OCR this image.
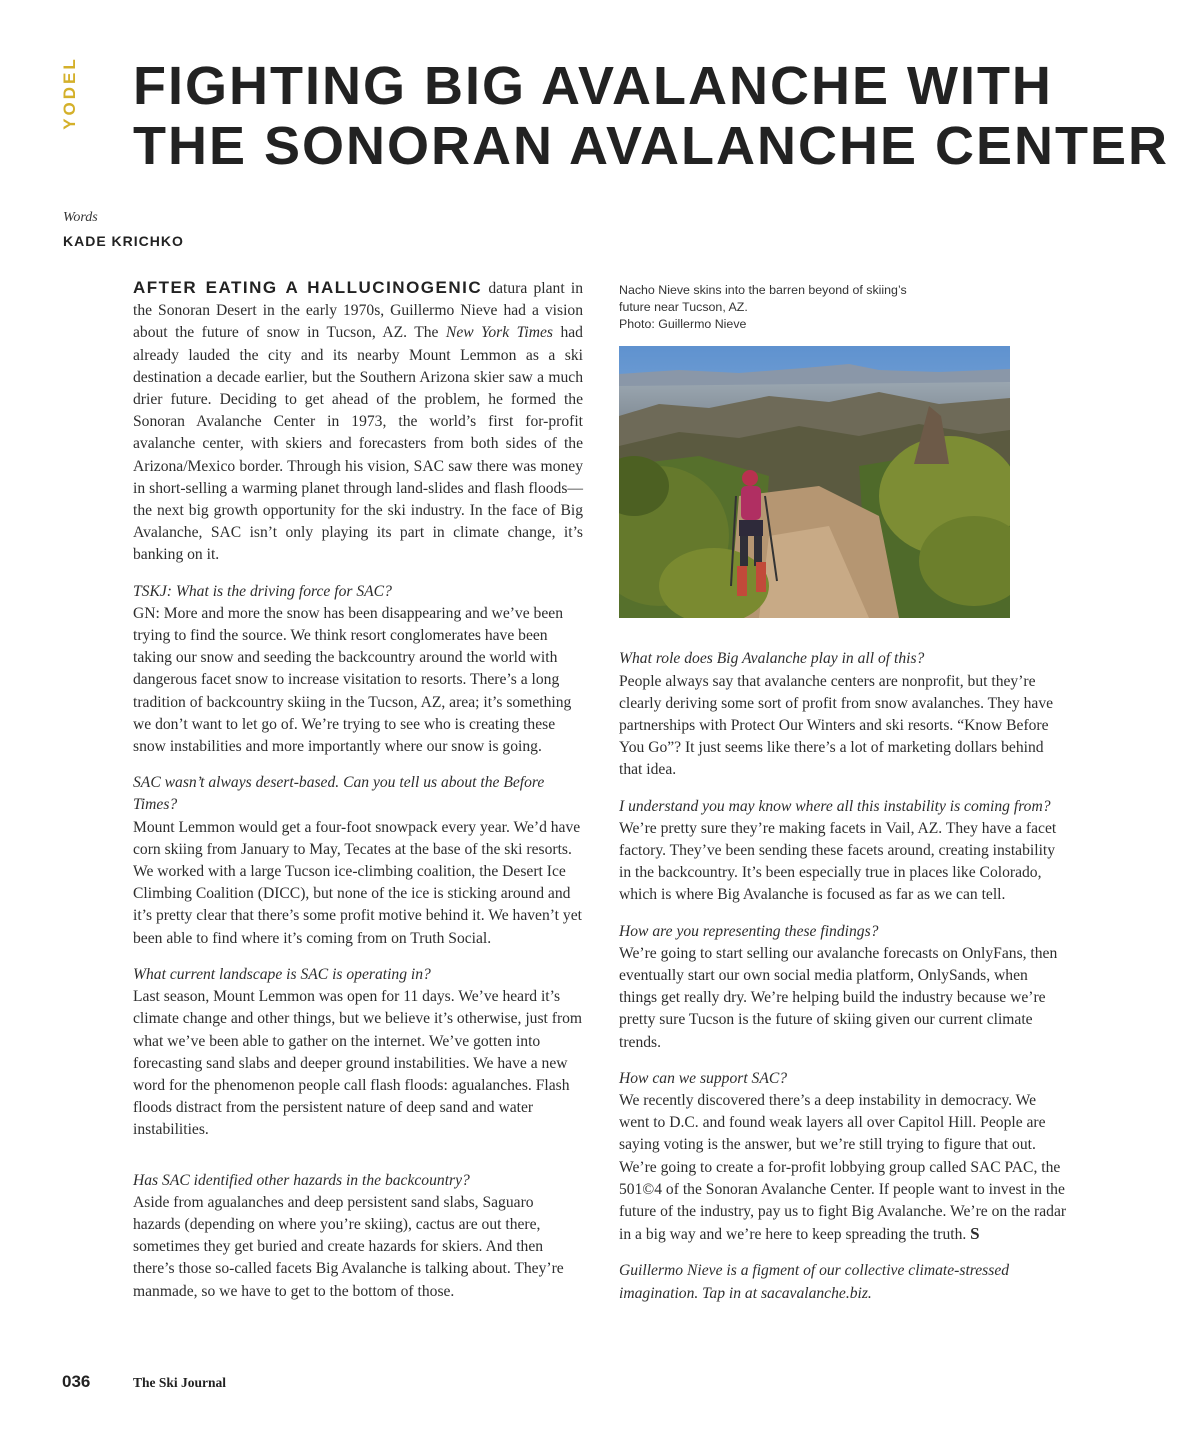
YODEL FIGHTING BIG AVALANCHE WITH
THE SONORAN AVALANCHE CENTER
Words
KADE KRICHKO

AFTER EATING A HALLUCINOGENIC datura plant in the Sonoran Desert in the early 1970s, Guillermo Nieve had a vision about the future of snow in Tucson, AZ. The New York Times had already lauded the city and its nearby Mount Lemmon as a ski destination a decade earlier, but the Southern Arizona skier saw a much drier future. Deciding to get ahead of the problem, he formed the Sonoran Avalanche Center in 1973, the world’s first for-profit avalanche center, with skiers and forecasters from both sides of the Arizona/Mexico border. Through his vision, SAC saw there was money in short-selling a warming planet through land-slides and flash floods—the next big growth opportunity for the ski industry. In the face of Big Avalanche, SAC isn’t only playing its part in climate change, it’s banking on it.

TSKJ: What is the driving force for SAC?
GN: More and more the snow has been disappearing and we’ve been trying to find the source. We think resort conglomerates have been taking our snow and seeding the backcountry around the world with dangerous facet snow to increase visitation to resorts. There’s a long tradition of backcountry skiing in the Tucson, AZ, area; it’s something we don’t want to let go of. We’re trying to see who is creating these snow instabilities and more importantly where our snow is going.

SAC wasn’t always desert-based. Can you tell us about the Before Times?
Mount Lemmon would get a four-foot snowpack every year. We’d have corn skiing from January to May, Tecates at the base of the ski resorts. We worked with a large Tucson ice-climbing coalition, the Desert Ice Climbing Coalition (DICC), but none of the ice is sticking around and it’s pretty clear that there’s some profit motive behind it. We haven’t yet been able to find where it’s coming from on Truth Social.

What current landscape is SAC is operating in?
Last season, Mount Lemmon was open for 11 days. We’ve heard it’s climate change and other things, but we believe it’s otherwise, just from what we’ve been able to gather on the internet. We’ve gotten into forecasting sand slabs and deeper ground instabilities. We have a new word for the phenomenon people call flash floods: agualanches. Flash floods distract from the persistent nature of deep sand and water instabilities.

Has SAC identified other hazards in the backcountry?
Aside from agualanches and deep persistent sand slabs, Saguaro hazards (depending on where you’re skiing), cactus are out there, sometimes they get buried and create hazards for skiers. And then there’s those so-called facets Big Avalanche is talking about. They’re manmade, so we have to get to the bottom of those.

Nacho Nieve skins into the barren beyond of skiing’s
future near Tucson, AZ.
Photo: Guillermo Nieve

What role does Big Avalanche play in all of this?
People always say that avalanche centers are nonprofit, but they’re clearly deriving some sort of profit from snow avalanches. They have partnerships with Protect Our Winters and ski resorts. “Know Before You Go”? It just seems like there’s a lot of marketing dollars behind that idea.

I understand you may know where all this instability is coming from?
We’re pretty sure they’re making facets in Vail, AZ. They have a facet factory. They’ve been sending these facets around, creating instability in the backcountry. It’s been especially true in places like Colorado, which is where Big Avalanche is focused as far as we can tell.

How are you representing these findings?
We’re going to start selling our avalanche forecasts on OnlyFans, then eventually start our own social media platform, OnlySands, when things get really dry. We’re helping build the industry because we’re pretty sure Tucson is the future of skiing given our current climate trends.

How can we support SAC?
We recently discovered there’s a deep instability in democracy. We went to D.C. and found weak layers all over Capitol Hill. People are saying voting is the answer, but we’re still trying to figure that out. We’re going to create a for-profit lobbying group called SAC PAC, the 501©4 of the Sonoran Avalanche Center. If people want to invest in the future of the industry, pay us to fight Big Avalanche. We’re on the radar in a big way and we’re here to keep spreading the truth. S

Guillermo Nieve is a figment of our collective climate-stressed imagination. Tap in at sacavalanche.biz.

036	The Ski Journal
